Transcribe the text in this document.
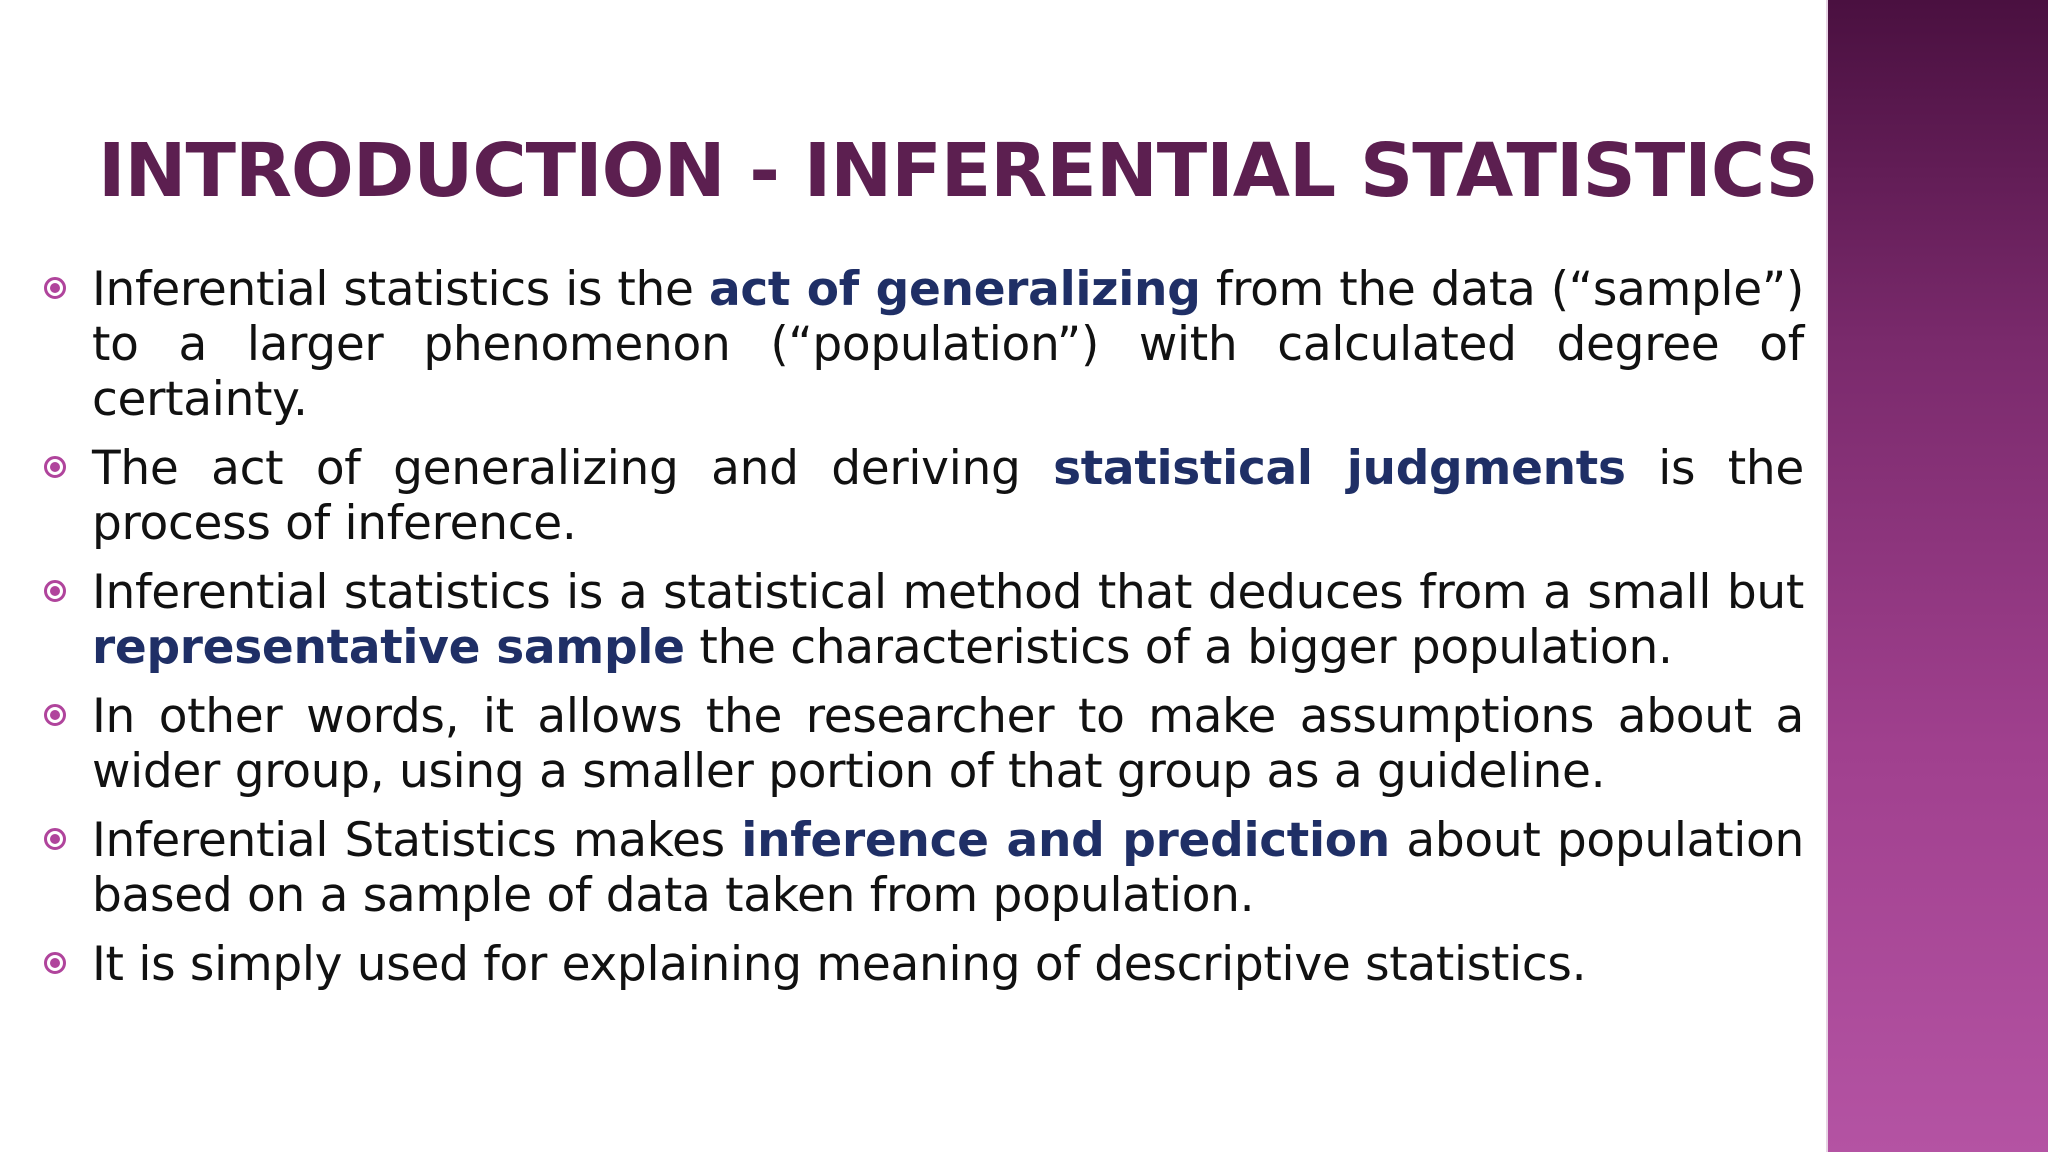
INTRODUCTION - INFERENTIAL STATISTICS
Inferential statistics is the act of generalizing from the data (“sample”) to a larger phenomenon (“population”) with calculated degree of certainty.
The act of generalizing and deriving statistical judgments is the process of inference.
Inferential statistics is a statistical method that deduces from a small but representative sample the characteristics of a bigger population.
In other words, it allows the researcher to make assumptions about a wider group, using a smaller portion of that group as a guideline.
Inferential Statistics makes inference and prediction about population based on a sample of data taken from population.
It is simply used for explaining meaning of descriptive statistics.
